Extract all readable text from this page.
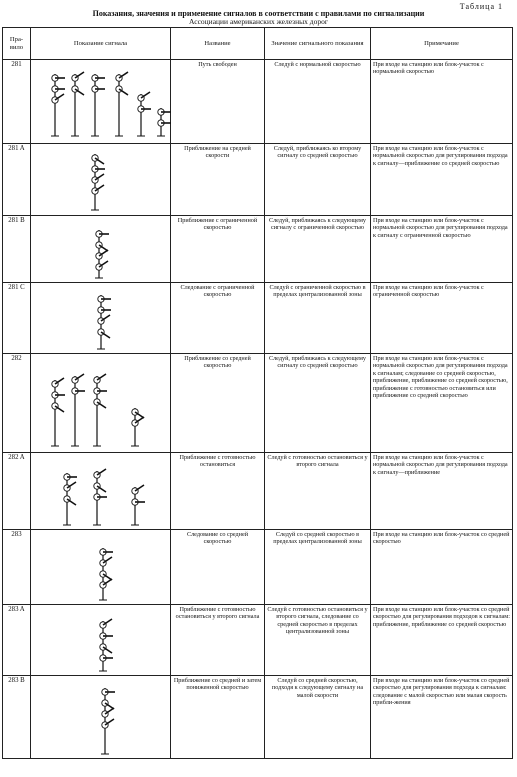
Таблица 1
Показания, значения и применение сигналов в соответствии с правилами по сигнализации
Ассоциации американских железных дорог
Пра-вило	Показание сигнала	Название	Значение сигнального показания	Примечание
281		Путь свободен	Следуй с нормальной скоростью	При входе на станцию или блок-участок с нормальной скоростью
281 A		Приближение на средней скорости	Следуй, приближаясь ко второму сигналу со средней скоростью	При входе на станцию или блок-участок с нормальной скоростью для регулирования подхода к сигналу—приближение со средней скоростью
281 B		Приближение с ограниченной скоростью	Следуй, приближаясь к следующему сигналу с ограниченной скоростью	При входе на станцию или блок-участок с нормальной скоростью для регулирования подхода к сигналу с ограниченной скоростью
281 C		Следование с ограниченной скоростью	Следуй с ограниченной скоростью в пределах централизованной зоны	При входе на станцию или блок-участок с ограниченной скоростью
282		Приближение со средней скоростью	Следуй, приближаясь к следующему сигналу со средней скоростью	При входе на станцию или блок-участок с нормальной скоростью для регулирования подхода к сигналам; следование со средней скоростью, приближение, приближение со средней скоростью, приближение с готовностью остановиться или приближение со средней скоростью
282 A		Приближение с готовностью остановиться	Следуй с готовностью остановиться у второго сигнала	При входе на станцию или блок-участок с нормальной скоростью для регулирования подхода к сигналу—приближение
283		Следование со средней скоростью	Следуй со средней скоростью в пределах централизованной зоны	При входе на станцию или блок-участок со средней скоростью
283 A		Приближение с готовностью остановиться у второго сигнала	Следуй с готовностью остановиться у второго сигнала, следование со средней скоростью в пределах централизованной зоны	При входе на станцию или блок-участок со средней скоростью для регулирования подходов к сигналам: приближение, приближение со средней скоростью
283 B		Приближение со средней и затем пониженной скоростью	Следуй со средней скоростью, подходя к следующему сигналу на малой скорости	При входе на станцию или блок-участок со средней скоростью для регулирования подхода к сигналам: следование с малой скоростью или малая скорость прибли-жения
